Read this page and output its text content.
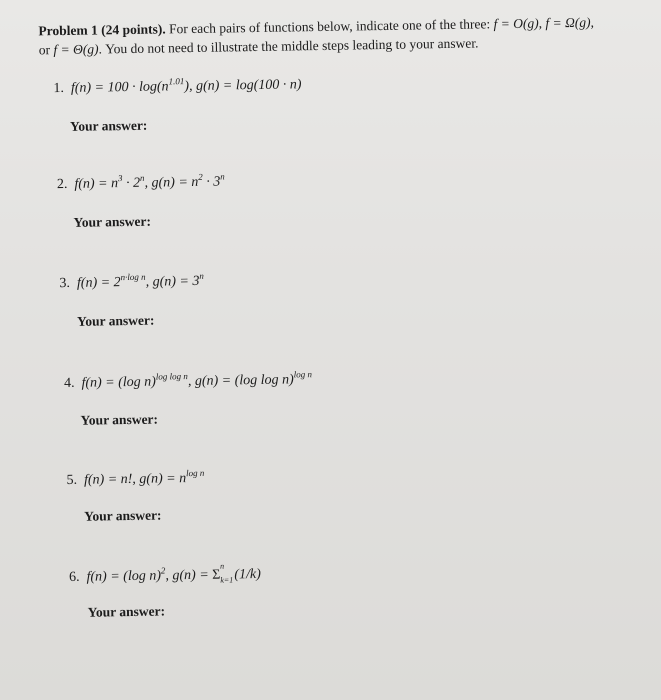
Problem 1 (24 points). For each pairs of functions below, indicate one of the three: f = O(g), f = Ω(g),
or f = Θ(g). You do not need to illustrate the middle steps leading to your answer.
1. $f(n) = 100 \cdot \log(n^{1.01})$, g(n) = log(100 · n)
Your answer:
2. $f(n) = n^3 \cdot 2^n$, $g(n) = n^2 \cdot 3^n$
Your answer:
3. $f(n) = 2^{n\cdot log n}$, $g(n) = 3^n$
Your answer:
4. f(n) = (log n)$^{log log n}$, g(n) = (log log n)$^{log n}$
Your answer:
5. f(n) = n!, $g(n) = n^{log n}$
Your answer:
6. f(n) = (log n)$^2$, g(n) = Σ
n
k=1 (1/k)
Your answer:
